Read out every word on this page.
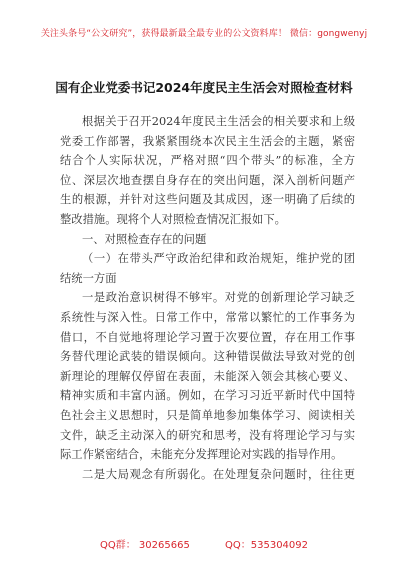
关注头条号“公文研究”，获得最新最全最专业的公文资料库！ 微信：gongwenyj
国有企业党委书记2024年度民主生活会对照检查材料

根据关于召开2024年度民主生活会的相关要求和上级

党委工作部署，我紧紧围绕本次民主生活会的主题，紧密

结合个人实际状况，严格对照“四个带头”的标准，全方

位、深层次地查摆自身存在的突出问题，深入剖析问题产

生的根源，并针对这些问题及其成因，逐一明确了后续的

整改措施。现将个人对照检查情况汇报如下。

一、对照检查存在的问题

（一）在带头严守政治纪律和政治规矩，维护党的团

结统一方面

一是政治意识树得不够牢。对党的创新理论学习缺乏

系统性与深入性。日常工作中，常常以繁忙的工作事务为

借口，不自觉地将理论学习置于次要位置，存在用工作事

务替代理论武装的错误倾向。这种错误做法导致对党的创

新理论的理解仅停留在表面，未能深入领会其核心要义、

精神实质和丰富内涵。例如，在学习习近平新时代中国特

色社会主义思想时，只是简单地参加集体学习、阅读相关

文件，缺乏主动深入的研究和思考，没有将理论学习与实

际工作紧密结合，未能充分发挥理论对实践的指导作用。

二是大局观念有所弱化。在处理复杂问题时，往往更

QQ群： 30265665	QQ：535304092
